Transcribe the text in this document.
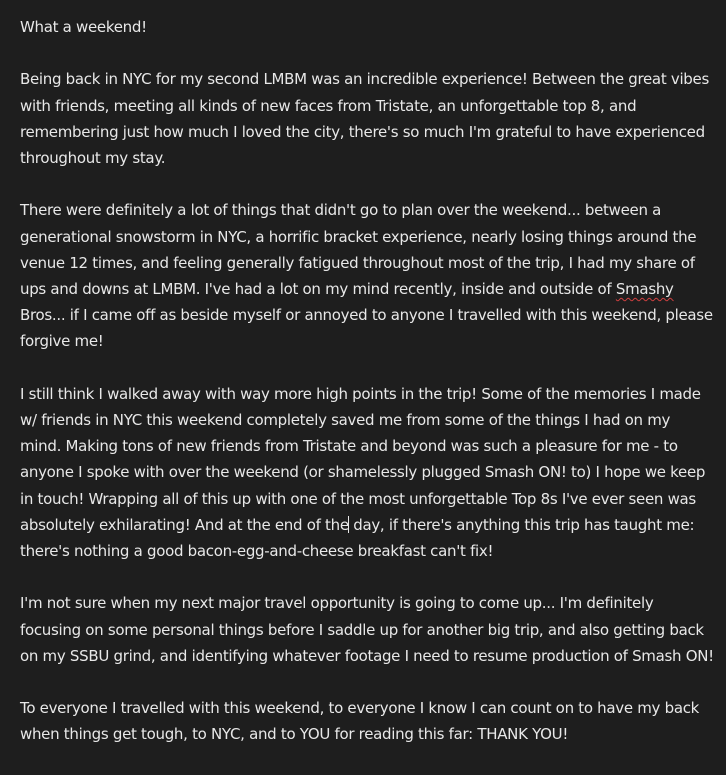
What a weekend!
Being back in NYC for my second LMBM was an incredible experience! Between the great vibes
with friends, meeting all kinds of new faces from Tristate, an unforgettable top 8, and
remembering just how much I loved the city, there's so much I'm grateful to have experienced
throughout my stay.
There were definitely a lot of things that didn't go to plan over the weekend... between a
generational snowstorm in NYC, a horrific bracket experience, nearly losing things around the
venue 12 times, and feeling generally fatigued throughout most of the trip, I had my share of
ups and downs at LMBM. I've had a lot on my mind recently, inside and outside of Smashy
Bros... if I came off as beside myself or annoyed to anyone I travelled with this weekend, please
forgive me!
I still think I walked away with way more high points in the trip! Some of the memories I made
w/ friends in NYC this weekend completely saved me from some of the things I had on my
mind. Making tons of new friends from Tristate and beyond was such a pleasure for me - to
anyone I spoke with over the weekend (or shamelessly plugged Smash ON! to) I hope we keep
in touch! Wrapping all of this up with one of the most unforgettable Top 8s I've ever seen was
absolutely exhilarating! And at the end of the day, if there's anything this trip has taught me:
there's nothing a good bacon-egg-and-cheese breakfast can't fix!
I'm not sure when my next major travel opportunity is going to come up... I'm definitely
focusing on some personal things before I saddle up for another big trip, and also getting back
on my SSBU grind, and identifying whatever footage I need to resume production of Smash ON!
To everyone I travelled with this weekend, to everyone I know I can count on to have my back
when things get tough, to NYC, and to YOU for reading this far: THANK YOU!
